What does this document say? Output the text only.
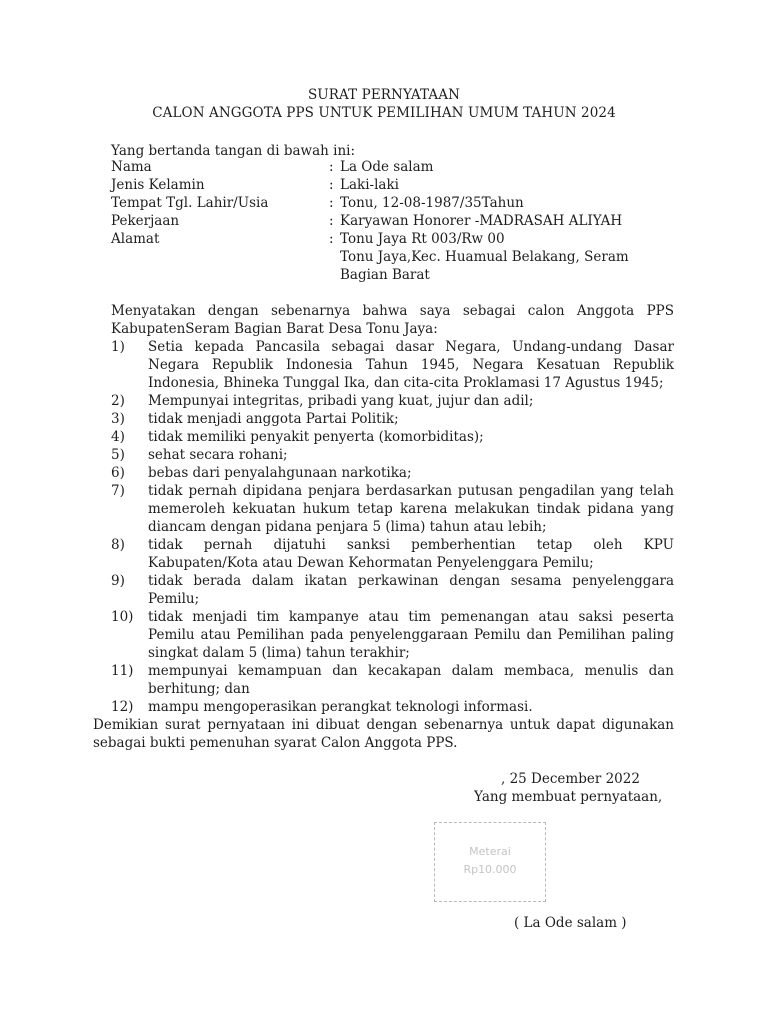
SURAT PERNYATAAN
CALON ANGGOTA PPS UNTUK PEMILIHAN UMUM TAHUN 2024
Yang bertanda tangan di bawah ini:
Nama	: La Ode salam
Jenis Kelamin	: Laki-laki
Tempat Tgl. Lahir/Usia	: Tonu, 12-08-1987/35Tahun
Pekerjaan	: Karyawan Honorer -MADRASAH ALIYAH
Alamat	: Tonu Jaya Rt 003/Rw 00
Tonu Jaya,Kec. Huamual Belakang, Seram
Bagian Barat
Menyatakan dengan sebenarnya bahwa saya sebagai calon Anggota PPS
KabupatenSeram Bagian Barat Desa Tonu Jaya:
1) Setia kepada Pancasila sebagai dasar Negara, Undang-undang Dasar
Negara Republik Indonesia Tahun 1945, Negara Kesatuan Republik
Indonesia, Bhineka Tunggal Ika, dan cita-cita Proklamasi 17 Agustus 1945;
2) Mempunyai integritas, pribadi yang kuat, jujur dan adil;
3) tidak menjadi anggota Partai Politik;
4) tidak memiliki penyakit penyerta (komorbiditas);
5) sehat secara rohani;
6) bebas dari penyalahgunaan narkotika;
7) tidak pernah dipidana penjara berdasarkan putusan pengadilan yang telah
memeroleh kekuatan hukum tetap karena melakukan tindak pidana yang
diancam dengan pidana penjara 5 (lima) tahun atau lebih;
8) tidak pernah dijatuhi sanksi pemberhentian tetap oleh KPU
Kabupaten/Kota atau Dewan Kehormatan Penyelenggara Pemilu;
9) tidak berada dalam ikatan perkawinan dengan sesama penyelenggara
Pemilu;
10) tidak menjadi tim kampanye atau tim pemenangan atau saksi peserta
Pemilu atau Pemilihan pada penyelenggaraan Pemilu dan Pemilihan paling
singkat dalam 5 (lima) tahun terakhir;
11) mempunyai kemampuan dan kecakapan dalam membaca, menulis dan
berhitung; dan
12) mampu mengoperasikan perangkat teknologi informasi.
Demikian surat pernyataan ini dibuat dengan sebenarnya untuk dapat digunakan
sebagai bukti pemenuhan syarat Calon Anggota PPS.
, 25 December 2022
Yang membuat pernyataan,
Meterai
Rp10.000
( La Ode salam )
